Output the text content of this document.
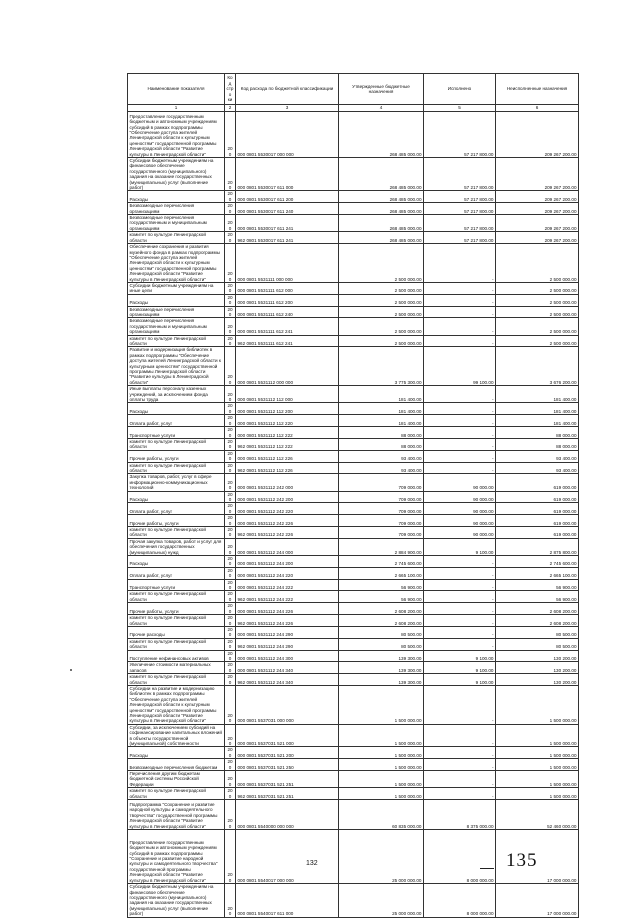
Наименование показателя	Код стро ки	Код расхода по бюджетной классификации	Утвержденные бюджетные назначения	Исполнено	Неисполненные назначения
1	2	3	4	5	6
Предоставление государственным бюджетным и автономным учреждениям субсидий в рамках подпрограммы "Обеспечение доступа жителей Ленинградской области к культурным ценностям" государственной программы Ленинградской области "Развитие культуры в Ленинградской области"	200	000 0801 5530017 000 000	268 485 000.00	57 217 800.00	209 267 200.00
Субсидии бюджетным учреждениям на финансовое обеспечение государственного (муниципального) задания на оказание государственных (муниципальных) услуг (выполнение работ)	200	000 0801 5530017 611 000	268 485 000.00	57 217 800.00	209 267 200.00
Расходы	200	000 0801 5530017 611 200	268 485 000.00	57 217 800.00	209 267 200.00
Безвозмездные перечисления организациям	200	000 0801 5530017 611 240	268 485 000.00	57 217 800.00	209 267 200.00
Безвозмездные перечисления государственным и муниципальным организациям	200	000 0801 5530017 611 241	268 485 000.00	57 217 800.00	209 267 200.00
комитет по культуре Ленинградской области	200	962 0801 5530017 611 241	268 485 000.00	57 217 800.00	209 267 200.00
Обеспечение сохранения и развития музейного фонда в рамках подпрограммы "Обеспечение доступа жителей Ленинградской области к культурным ценностям" государственной программы Ленинградской области "Развитие культуры в Ленинградской области"	200	000 0801 5531111 000 000	2 500 000.00	-	2 500 000.00
Субсидии бюджетным учреждениям на иные цели	200	000 0801 5531111 612 000	2 500 000.00	-	2 500 000.00
Расходы	200	000 0801 5531111 612 200	2 500 000.00	-	2 500 000.00
Безвозмездные перечисления организациям	200	000 0801 5531111 612 240	2 500 000.00	-	2 500 000.00
Безвозмездные перечисления государственным и муниципальным организациям	200	000 0801 5531111 612 241	2 500 000.00	-	2 500 000.00
комитет по культуре Ленинградской области	200	962 0801 5531111 612 241	2 500 000.00	-	2 500 000.00
Развитие и модернизация библиотек в рамках подпрограммы "Обеспечение доступа жителей Ленинградской области к культурным ценностям" государственной программы Ленинградской области "Развитие культуры в Ленинградской области"	200	000 0801 5531112 000 000	3 775 300.00	99 100.00	3 676 200.00
Иные выплаты персоналу казенных учреждений, за исключением фонда оплаты труда	200	000 0801 5531112 112 000	181 400.00	-	181 400.00
Расходы	200	000 0801 5531112 112 200	181 400.00	-	181 400.00
Оплата работ, услуг	200	000 0801 5531112 112 220	181 400.00	-	181 400.00
Транспортные услуги	200	000 0801 5531112 112 222	88 000.00	-	88 000.00
комитет по культуре Ленинградской области	200	962 0801 5531112 112 222	88 000.00	-	88 000.00
Прочие работы, услуги	200	000 0801 5531112 112 226	93 400.00	-	93 400.00
комитет по культуре Ленинградской области	200	962 0801 5531112 112 226	93 400.00	-	93 400.00
Закупка товаров, работ, услуг в сфере информационно-коммуникационных технологий	200	000 0801 5531112 242 000	709 000.00	90 000.00	619 000.00
Расходы	200	000 0801 5531112 242 200	709 000.00	90 000.00	619 000.00
Оплата работ, услуг	200	000 0801 5531112 242 220	709 000.00	90 000.00	619 000.00
Прочие работы, услуги	200	000 0801 5531112 242 226	709 000.00	90 000.00	619 000.00
комитет по культуре Ленинградской области	200	962 0801 5531112 242 226	709 000.00	90 000.00	619 000.00
Прочая закупка товаров, работ и услуг для обеспечения государственных (муниципальных) нужд	200	000 0801 5531112 244 000	2 884 900.00	9 100.00	2 875 800.00
Расходы	200	000 0801 5531112 244 200	2 745 600.00	-	2 745 600.00
Оплата работ, услуг	200	000 0801 5531112 244 220	2 665 100.00	-	2 665 100.00
Транспортные услуги	200	000 0801 5531112 244 222	56 900.00	-	56 900.00
комитет по культуре Ленинградской области	200	962 0801 5531112 244 222	56 900.00	-	56 900.00
Прочие работы, услуги	200	000 0801 5531112 244 226	2 608 200.00	-	2 608 200.00
комитет по культуре Ленинградской области	200	962 0801 5531112 244 226	2 608 200.00	-	2 608 200.00
Прочие расходы	200	000 0801 5531112 244 290	80 500.00	-	80 500.00
комитет по культуре Ленинградской области	200	962 0801 5531112 244 290	80 500.00	-	80 500.00
Поступление нефинансовых активов	200	000 0801 5531112 244 300	139 300.00	9 100.00	130 200.00
Увеличение стоимости материальных запасов	200	000 0801 5531112 244 340	139 300.00	9 100.00	130 200.00
комитет по культуре Ленинградской области	200	962 0801 5531112 244 340	139 300.00	9 100.00	130 200.00
Субсидии на развитие и модернизацию библиотек в рамках подпрограммы "Обеспечение доступа жителей Ленинградской области к культурным ценностям" государственной программы Ленинградской области "Развитие культуры в Ленинградской области"	200	000 0801 5537031 000 000	1 500 000.00	-	1 500 000.00
Субсидии, за исключением субсидий на софинансирование капитальных вложений в объекты государственной (муниципальной) собственности	200	000 0801 5537031 521 000	1 500 000.00	-	1 500 000.00
Расходы	200	000 0801 5537031 521 200	1 500 000.00	-	1 500 000.00
Безвозмездные перечисления бюджетам	200	000 0801 5537031 521 250	1 500 000.00	-	1 500 000.00
Перечисления другим бюджетам бюджетной системы Российской Федерации	200	000 0801 5537031 521 251	1 500 000.00	-	1 500 000.00
комитет по культуре Ленинградской области	200	962 0801 5537031 521 251	1 500 000.00	-	1 500 000.00
Подпрограмма "Сохранение и развитие народной культуры и самодеятельного творчества" государственной программы Ленинградской области "Развитие культуры в Ленинградской области"	200	000 0801 5540000 000 000	60 835 000.00	8 375 000.00	52 460 000.00
Предоставление государственным бюджетным и автономным учреждениям субсидий в рамках подпрограммы "Сохранение и развитие народной культуры и самодеятельного творчества" государственной программы Ленинградской области "Развитие культуры в Ленинградской области"	200	000 0801 5540017 000 000	25 000 000.00	8 000 000.00	17 000 000.00
Субсидии бюджетным учреждениям на финансовое обеспечение государственного (муниципального) задания на оказание государственных (муниципальных) услуг (выполнение работ)	200	000 0801 5540017 611 000	25 000 000.00	8 000 000.00	17 000 000.00
132	135
